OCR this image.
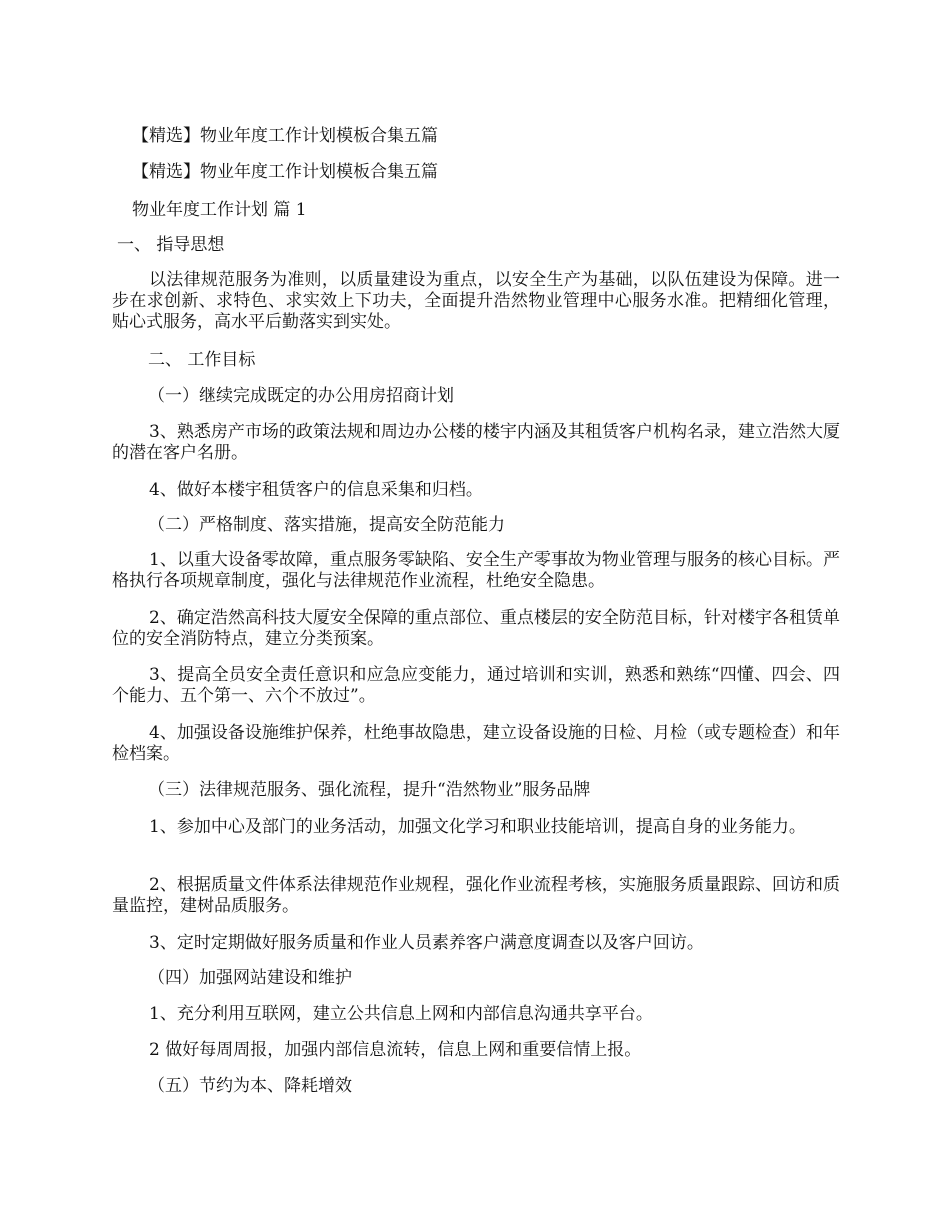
【精选】物业年度工作计划模板合集五篇

【精选】物业年度工作计划模板合集五篇

物业年度工作计划 篇 1

一、 指导思想

以法律规范服务为准则，以质量建设为重点，以安全生产为基础，以队伍建设为保障。进一步在求创新、求特色、求实效上下功夫，全面提升浩然物业管理中心服务水准。把精细化管理，贴心式服务，高水平后勤落实到实处。

二、 工作目标

（一）继续完成既定的办公用房招商计划

3、熟悉房产市场的政策法规和周边办公楼的楼宇内涵及其租赁客户机构名录，建立浩然大厦的潜在客户名册。

4、做好本楼宇租赁客户的信息采集和归档。

（二）严格制度、落实措施，提高安全防范能力

1、以重大设备零故障，重点服务零缺陷、安全生产零事故为物业管理与服务的核心目标。严格执行各项规章制度，强化与法律规范作业流程，杜绝安全隐患。

2、确定浩然高科技大厦安全保障的重点部位、重点楼层的安全防范目标，针对楼宇各租赁单位的安全消防特点，建立分类预案。

3、提高全员安全责任意识和应急应变能力，通过培训和实训，熟悉和熟练“四懂、四会、四个能力、五个第一、六个不放过”。

4、加强设备设施维护保养，杜绝事故隐患，建立设备设施的日检、月检（或专题检查）和年检档案。

（三）法律规范服务、强化流程，提升“浩然物业”服务品牌

1、参加中心及部门的业务活动，加强文化学习和职业技能培训，提高自身的业务能力。

2、根据质量文件体系法律规范作业规程，强化作业流程考核，实施服务质量跟踪、回访和质量监控，建树品质服务。

3、定时定期做好服务质量和作业人员素养客户满意度调查以及客户回访。

（四）加强网站建设和维护

1、充分利用互联网，建立公共信息上网和内部信息沟通共享平台。

2 做好每周周报，加强内部信息流转，信息上网和重要信情上报。

（五）节约为本、降耗增效
